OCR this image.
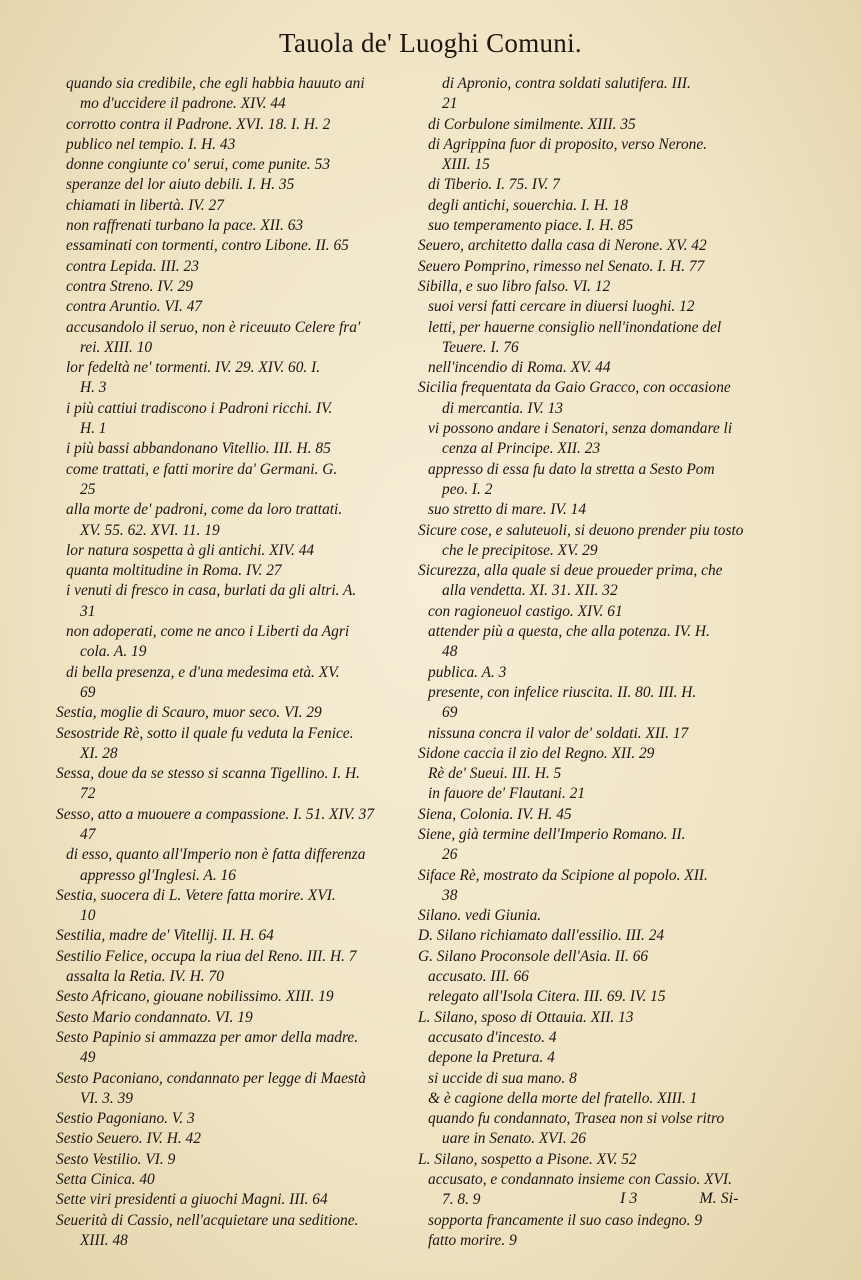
Tauola de' Luoghi Comuni.
quando sia credibile, che egli habbia hauuto ani
mo d'uccidere il padrone. XIV. 44
corrotto contra il Padrone. XVI. 18. I. H. 2
publico nel tempio. I. H. 43
donne congiunte co' serui, come punite. 53
speranze del lor aiuto debili. I. H. 35
chiamati in libertà. IV. 27
non raffrenati turbano la pace. XII. 63
essaminati con tormenti, contro Libone. II. 65
contra Lepida. III. 23
contra Streno. IV. 29
contra Aruntio. VI. 47
accusandolo il seruo, non è riceuuto Celere fra'
rei. XIII. 10
lor fedeltà ne' tormenti. IV. 29. XIV. 60. I.
H. 3
i più cattiui tradiscono i Padroni ricchi. IV.
H. 1
i più bassi abbandonano Vitellio. III. H. 85
come trattati, e fatti morire da' Germani. G.
25
alla morte de' padroni, come da loro trattati.
XV. 55. 62. XVI. 11. 19
lor natura sospetta à gli antichi. XIV. 44
quanta moltitudine in Roma. IV. 27
i venuti di fresco in casa, burlati da gli altri. A.
31
non adoperati, come ne anco i Liberti da Agri
cola. A. 19
di bella presenza, e d'una medesima età. XV.
69
Sestia, moglie di Scauro, muor seco. VI. 29
Sesostride Rè, sotto il quale fu veduta la Fenice.
XI. 28
Sessa, doue da se stesso si scanna Tigellino. I. H.
72
Sesso, atto a muouere a compassione. I. 51. XIV. 37
47
di esso, quanto all'Imperio non è fatta differenza
appresso gl'Inglesi. A. 16
Sestia, suocera di L. Vetere fatta morire. XVI.
10
Sestilia, madre de' Vitellij. II. H. 64
Sestilio Felice, occupa la riua del Reno. III. H. 7
assalta la Retia. IV. H. 70
Sesto Africano, giouane nobilissimo. XIII. 19
Sesto Mario condannato. VI. 19
Sesto Papinio si ammazza per amor della madre.
49
Sesto Paconiano, condannato per legge di Maestà
VI. 3. 39
Sestio Pagoniano. V. 3
Sestio Seuero. IV. H. 42
Sesto Vestilio. VI. 9
Setta Cinica. 40
Sette viri presidenti a giuochi Magni. III. 64
Seuerità di Cassio, nell'acquietare una seditione.
XIII. 48
di Apronio, contra soldati salutifera. III.
21
di Corbulone similmente. XIII. 35
di Agrippina fuor di proposito, verso Nerone.
XIII. 15
di Tiberio. I. 75. IV. 7
degli antichi, souerchia. I. H. 18
suo temperamento piace. I. H. 85
Seuero, architetto dalla casa di Nerone. XV. 42
Seuero Pomprino, rimesso nel Senato. I. H. 77
Sibilla, e suo libro falso. VI. 12
suoi versi fatti cercare in diuersi luoghi. 12
letti, per hauerne consiglio nell'inondatione del
Teuere. I. 76
nell'incendio di Roma. XV. 44
Sicilia frequentata da Gaio Gracco, con occasione
di mercantia. IV. 13
vi possono andare i Senatori, senza domandare li
cenza al Principe. XII. 23
appresso di essa fu dato la stretta a Sesto Pom
peo. I. 2
suo stretto di mare. IV. 14
Sicure cose, e saluteuoli, si deuono prender piu tosto
che le precipitose. XV. 29
Sicurezza, alla quale si deue proueder prima, che
alla vendetta. XI. 31. XII. 32
con ragioneuol castigo. XIV. 61
attender più a questa, che alla potenza. IV. H.
48
publica. A. 3
presente, con infelice riuscita. II. 80. III. H.
69
nissuna concra il valor de' soldati. XII. 17
Sidone caccia il zio del Regno. XII. 29
Rè de' Sueui. III. H. 5
in fauore de' Flautani. 21
Siena, Colonia. IV. H. 45
Siene, già termine dell'Imperio Romano. II.
26
Siface Rè, mostrato da Scipione al popolo. XII.
38
Silano. vedi Giunia.
D. Silano richiamato dall'essilio. III. 24
G. Silano Proconsole dell'Asia. II. 66
accusato. III. 66
relegato all'Isola Citera. III. 69. IV. 15
L. Silano, sposo di Ottauia. XII. 13
accusato d'incesto. 4
depone la Pretura. 4
si uccide di sua mano. 8
& è cagione della morte del fratello. XIII. 1
quando fu condannato, Trasea non si volse ritro
uare in Senato. XVI. 26
L. Silano, sospetto a Pisone. XV. 52
accusato, e condannato insieme con Cassio. XVI.
7. 8. 9
sopporta francamente il suo caso indegno. 9
fatto morire. 9
I 3	M. Si-
